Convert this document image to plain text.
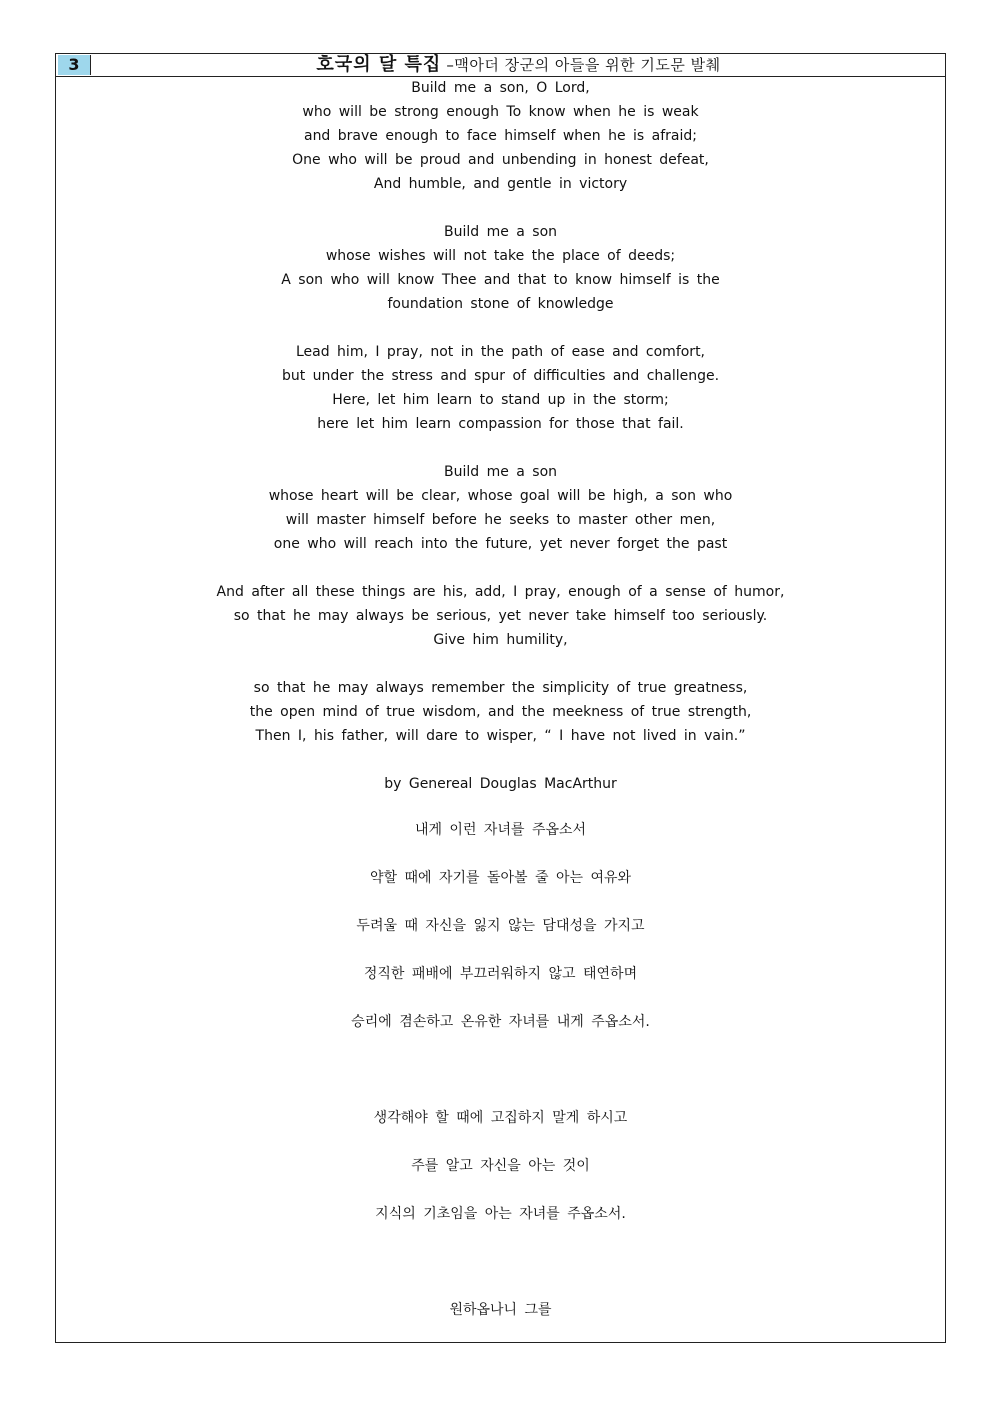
3	호국의 달 특집 –맥아더 장군의 아들을 위한 기도문 발췌
Build me a son, O Lord,
who will be strong enough To know when he is weak
and brave enough to face himself when he is afraid;
One who will be proud and unbending in honest defeat,
And humble, and gentle in victory
Build me a son
whose wishes will not take the place of deeds;
A son who will know Thee and that to know himself is the
foundation stone of knowledge
Lead him, I pray, not in the path of ease and comfort,
but under the stress and spur of difficulties and challenge.
Here, let him learn to stand up in the storm;
here let him learn compassion for those that fail.
Build me a son
whose heart will be clear, whose goal will be high, a son who
will master himself before he seeks to master other men,
one who will reach into the future, yet never forget the past
And after all these things are his, add, I pray, enough of a sense of humor,
so that he may always be serious, yet never take himself too seriously.
Give him humility,
so that he may always remember the simplicity of true greatness,
the open mind of true wisdom, and the meekness of true strength,
Then I, his father, will dare to wisper, “ I have not lived in vain.”
by Genereal Douglas MacArthur
내게 이런 자녀를 주옵소서
약할 때에 자기를 돌아볼 줄 아는 여유와
두려울 때 자신을 잃지 않는 담대성을 가지고
정직한 패배에 부끄러워하지 않고 태연하며
승리에 겸손하고 온유한 자녀를 내게 주옵소서.
생각해야 할 때에 고집하지 말게 하시고
주를 알고 자신을 아는 것이
지식의 기초임을 아는 자녀를 주옵소서.
원하옵나니 그를
